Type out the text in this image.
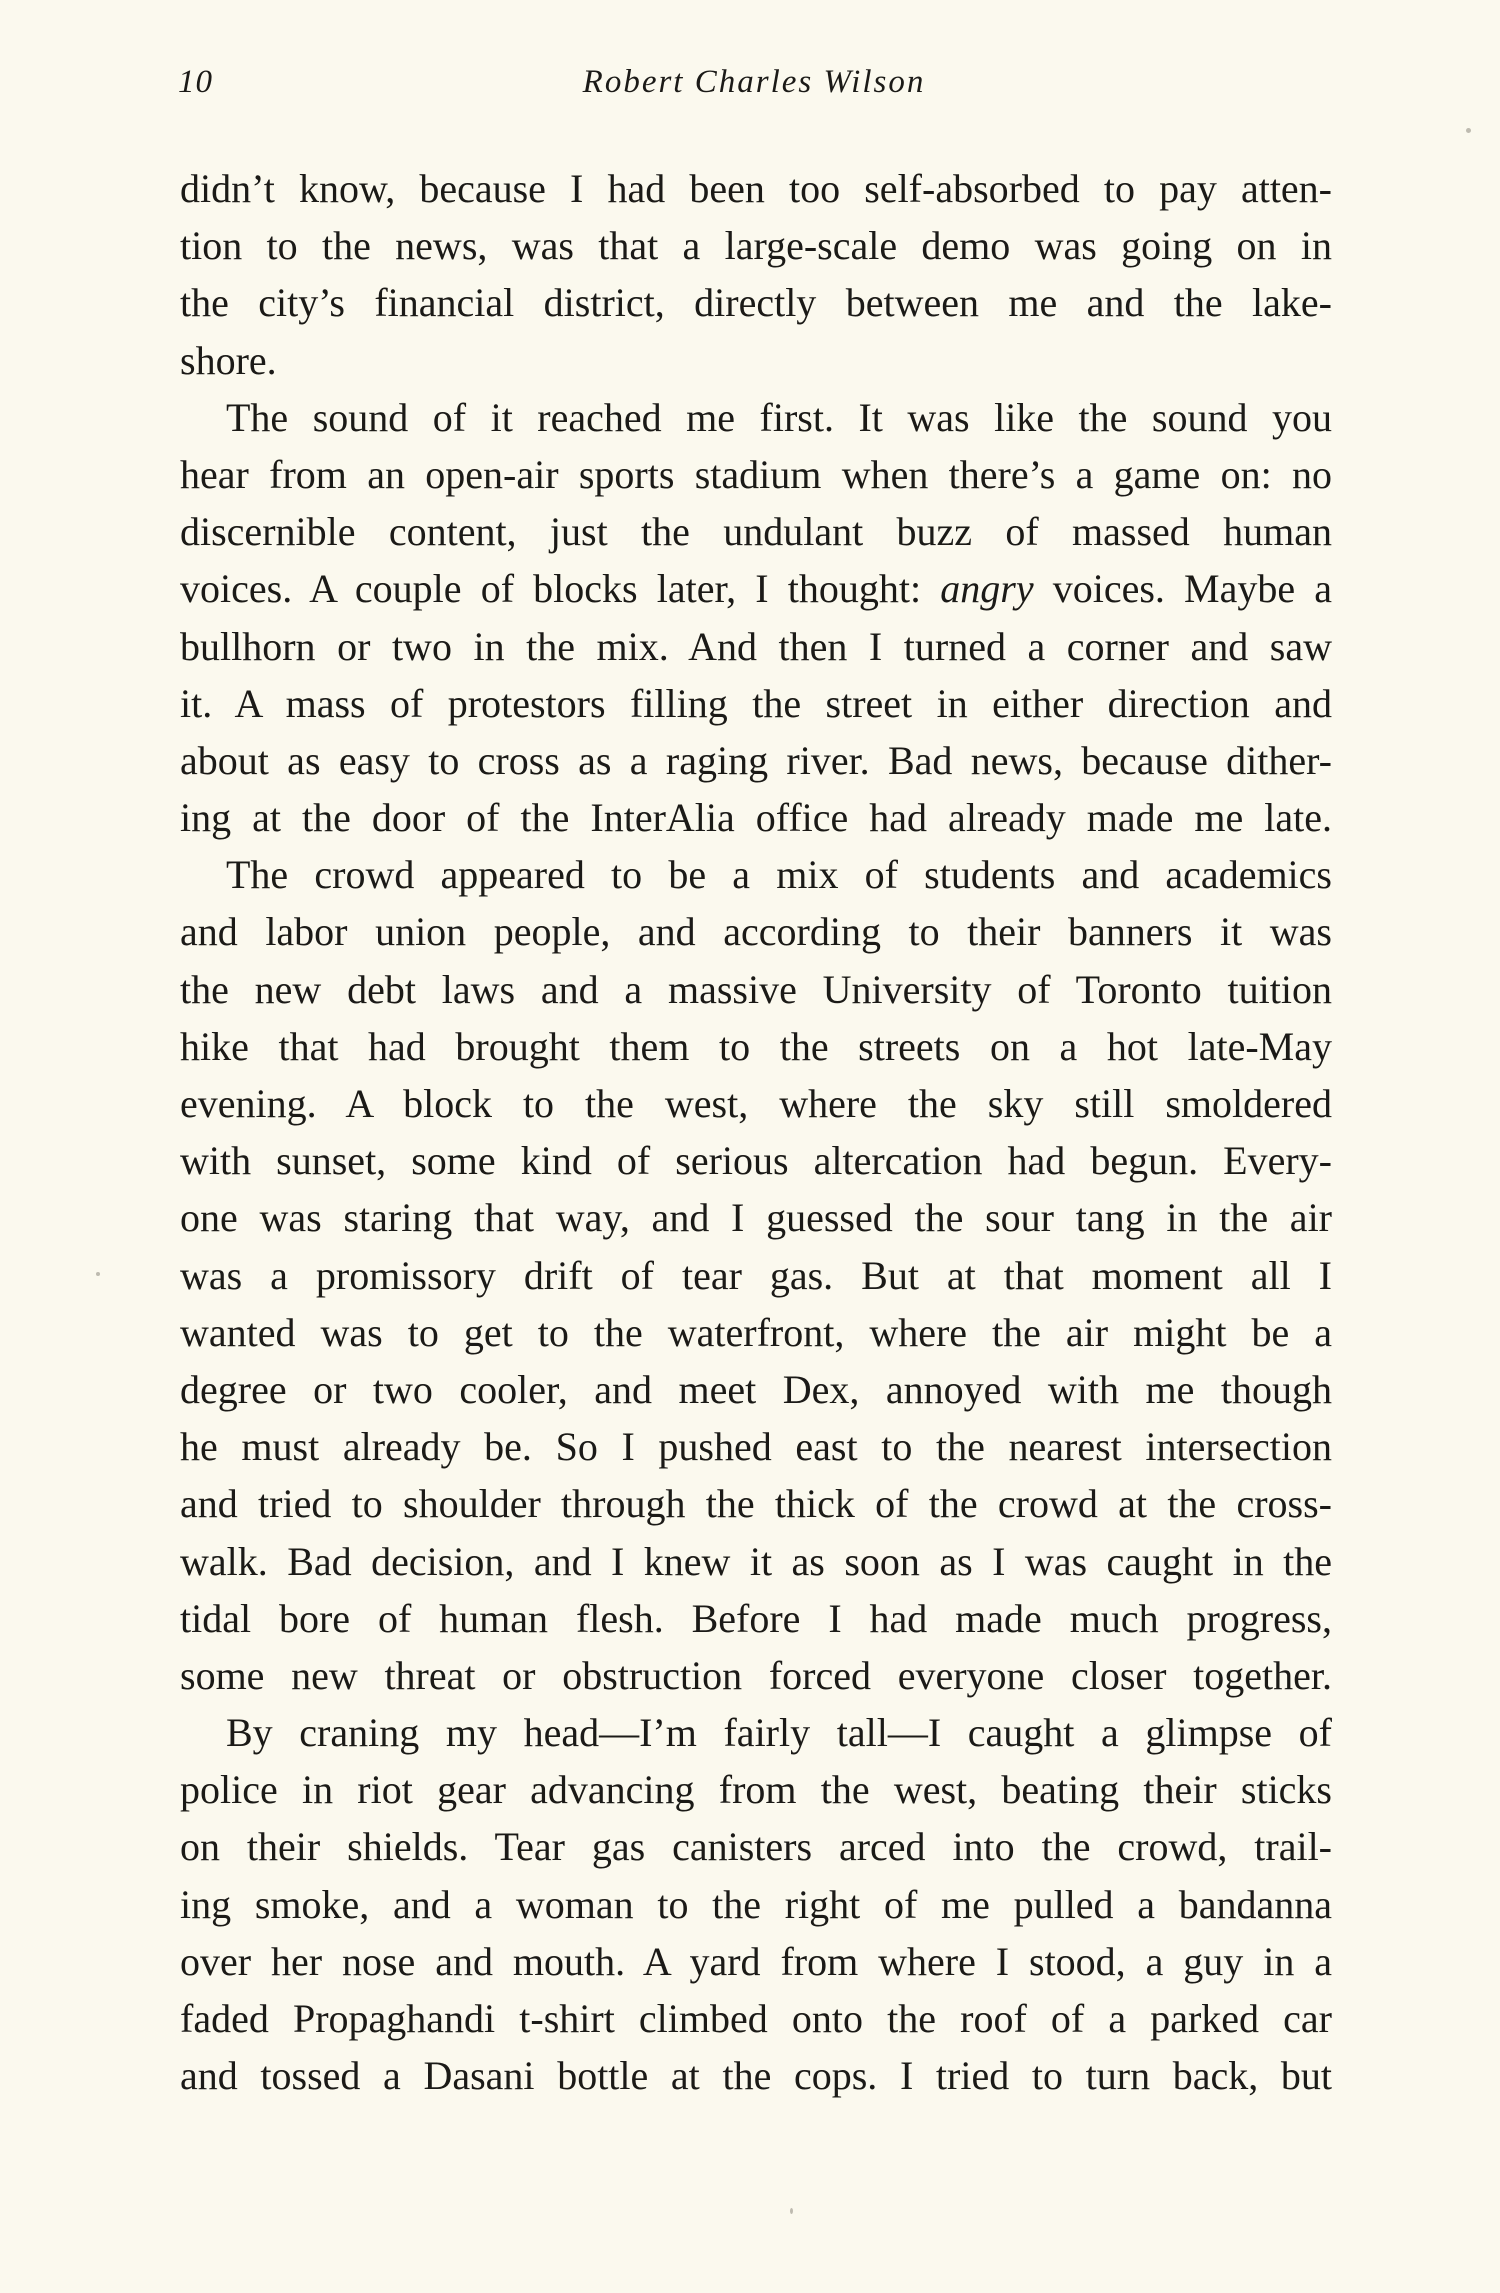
10	Robert Charles Wilson
didn’t know, because I had been too self-absorbed to pay atten-
tion to the news, was that a large-scale demo was going on in
the city’s financial district, directly between me and the lake-
shore.
The sound of it reached me first. It was like the sound you
hear from an open-air sports stadium when there’s a game on: no
discernible content, just the undulant buzz of massed human
voices. A couple of blocks later, I thought: angry voices. Maybe a
bullhorn or two in the mix. And then I turned a corner and saw
it. A mass of protestors filling the street in either direction and
about as easy to cross as a raging river. Bad news, because dither-
ing at the door of the InterAlia office had already made me late.
The crowd appeared to be a mix of students and academics
and labor union people, and according to their banners it was
the new debt laws and a massive University of Toronto tuition
hike that had brought them to the streets on a hot late-May
evening. A block to the west, where the sky still smoldered
with sunset, some kind of serious altercation had begun. Every-
one was staring that way, and I guessed the sour tang in the air
was a promissory drift of tear gas. But at that moment all I
wanted was to get to the waterfront, where the air might be a
degree or two cooler, and meet Dex, annoyed with me though
he must already be. So I pushed east to the nearest intersection
and tried to shoulder through the thick of the crowd at the cross-
walk. Bad decision, and I knew it as soon as I was caught in the
tidal bore of human flesh. Before I had made much progress,
some new threat or obstruction forced everyone closer together.
By craning my head—I’m fairly tall—I caught a glimpse of
police in riot gear advancing from the west, beating their sticks
on their shields. Tear gas canisters arced into the crowd, trail-
ing smoke, and a woman to the right of me pulled a bandanna
over her nose and mouth. A yard from where I stood, a guy in a
faded Propaghandi t-shirt climbed onto the roof of a parked car
and tossed a Dasani bottle at the cops. I tried to turn back, but
